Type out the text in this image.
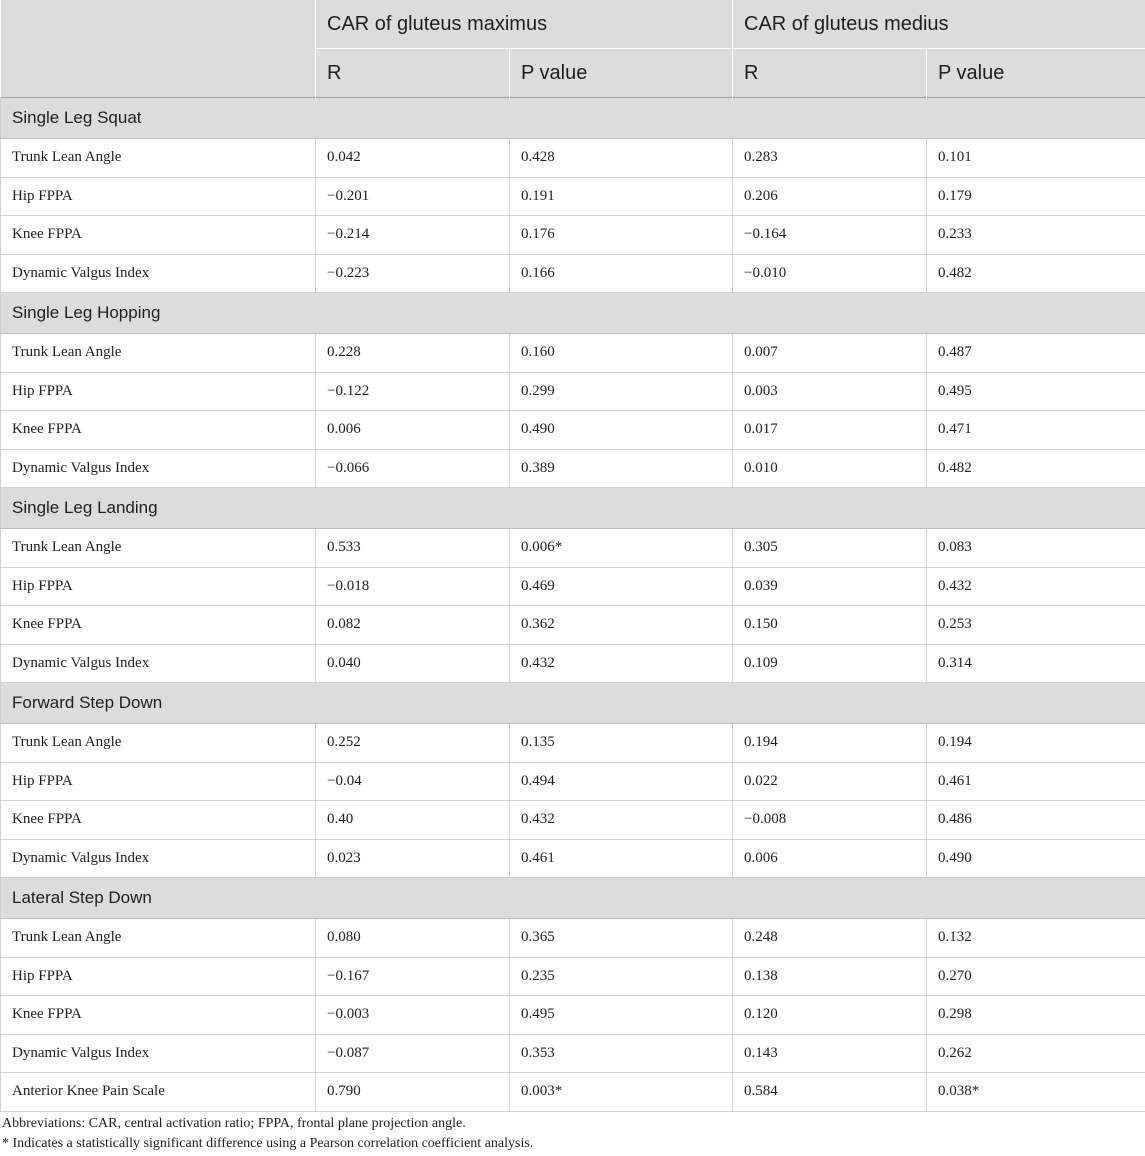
	CAR of gluteus maximus		CAR of gluteus medius	
	R	P value	R	P value
Single Leg Squat				
Trunk Lean Angle	0.042	0.428	0.283	0.101
Hip FPPA	−0.201	0.191	0.206	0.179
Knee FPPA	−0.214	0.176	−0.164	0.233
Dynamic Valgus Index	−0.223	0.166	−0.010	0.482
Single Leg Hopping				
Trunk Lean Angle	0.228	0.160	0.007	0.487
Hip FPPA	−0.122	0.299	0.003	0.495
Knee FPPA	0.006	0.490	0.017	0.471
Dynamic Valgus Index	−0.066	0.389	0.010	0.482
Single Leg Landing				
Trunk Lean Angle	0.533	0.006*	0.305	0.083
Hip FPPA	−0.018	0.469	0.039	0.432
Knee FPPA	0.082	0.362	0.150	0.253
Dynamic Valgus Index	0.040	0.432	0.109	0.314
Forward Step Down				
Trunk Lean Angle	0.252	0.135	0.194	0.194
Hip FPPA	−0.04	0.494	0.022	0.461
Knee FPPA	0.40	0.432	−0.008	0.486
Dynamic Valgus Index	0.023	0.461	0.006	0.490
Lateral Step Down				
Trunk Lean Angle	0.080	0.365	0.248	0.132
Hip FPPA	−0.167	0.235	0.138	0.270
Knee FPPA	−0.003	0.495	0.120	0.298
Dynamic Valgus Index	−0.087	0.353	0.143	0.262
Anterior Knee Pain Scale	0.790	0.003*	0.584	0.038*

Abbreviations: CAR, central activation ratio; FPPA, frontal plane projection angle.

* Indicates a statistically significant difference using a Pearson correlation coefficient analysis.
